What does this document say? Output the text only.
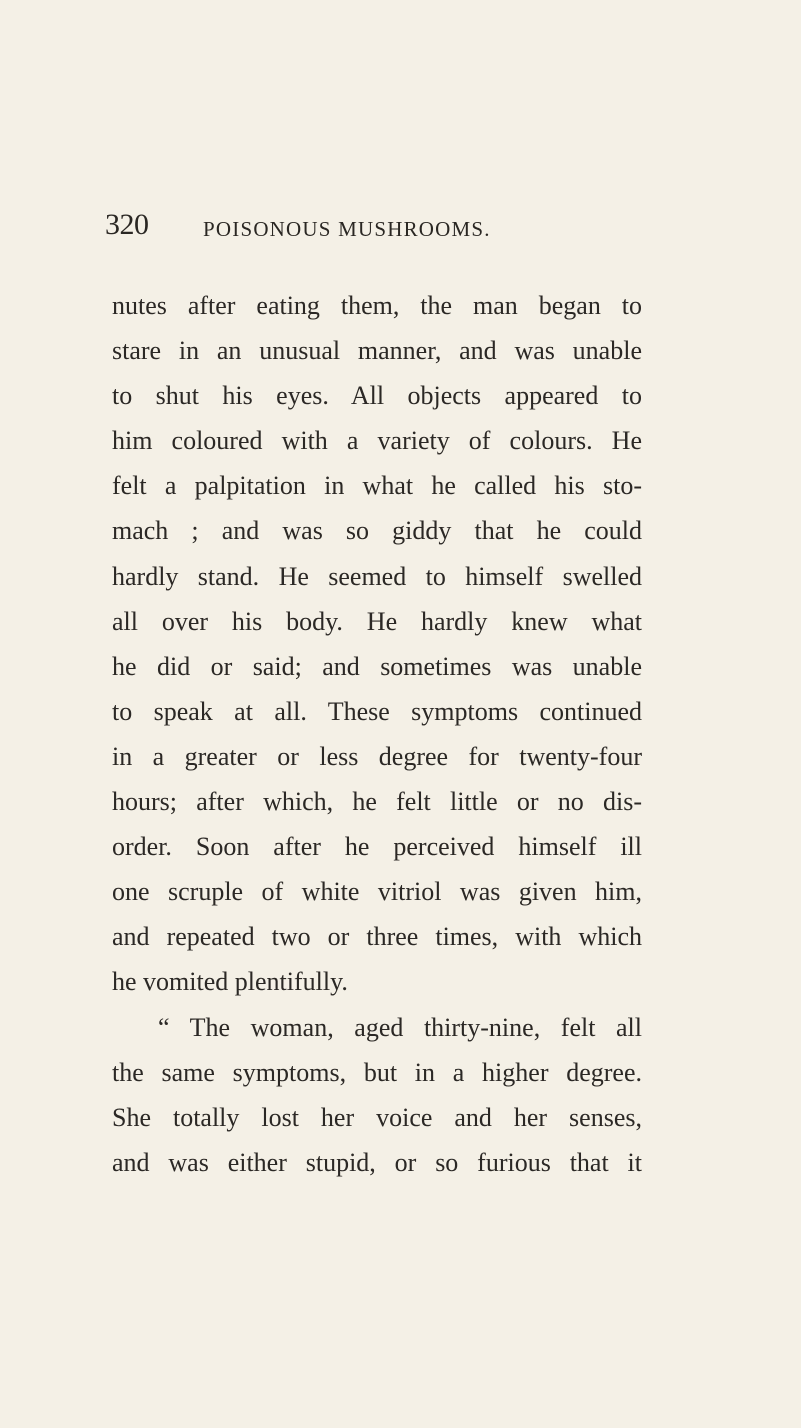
320	POISONOUS MUSHROOMS.
nutes after eating them, the man began to
stare in an unusual manner, and was unable
to shut his eyes. All objects appeared to
him coloured with a variety of colours. He
felt a palpitation in what he called his sto-
mach ; and was so giddy that he could
hardly stand. He seemed to himself swelled
all over his body. He hardly knew what
he did or said; and sometimes was unable
to speak at all. These symptoms continued
in a greater or less degree for twenty-four
hours; after which, he felt little or no dis-
order. Soon after he perceived himself ill
one scruple of white vitriol was given him,
and repeated two or three times, with which
he vomited plentifully.
“ The woman, aged thirty-nine, felt all
the same symptoms, but in a higher degree.
She totally lost her voice and her senses,
and was either stupid, or so furious that it
